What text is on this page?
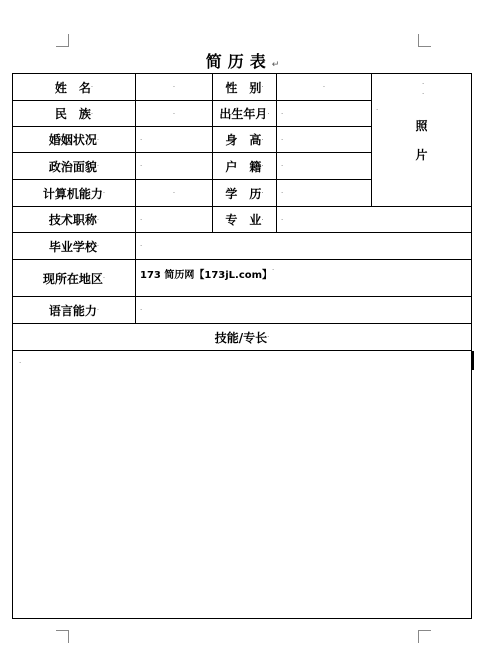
简历表↵
姓　名 ·	·	性　别 ·	·	·
·
·
照
片
民　族 ·	·	出生年月 · ·
婚姻状况 ·	·	身　高 · ·
政治面貌 ·	·	户　籍 · ·
计算机能力 ·	·	学　历 · ·
技术职称 ·	·	专　业 · ·
毕业学校 ·	·
现所在地区 ·	173 简历网【173jL.com】 ·
语言能力 ·	·
技能/专长 ·
·
